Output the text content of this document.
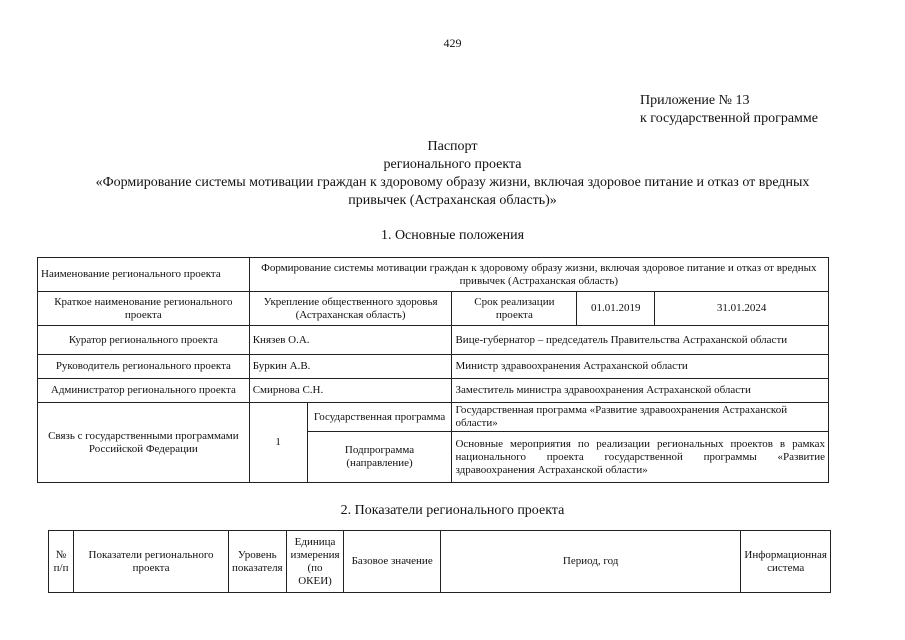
429
Приложение № 13
к государственной программе
Паспорт
регионального проекта
«Формирование системы мотивации граждан к здоровому образу жизни, включая здоровое питание и отказ от вредных
привычек (Астраханская область)»
1. Основные положения
Наименование регионального проекта	Формирование системы мотивации граждан к здоровому образу жизни, включая здоровое питание и отказ от вредных привычек (Астраханская область)				
Краткое наименование регионального проекта	Укрепление общественного здоровья (Астраханская область)		Срок реализации проекта	01.01.2019	31.01.2024
Куратор регионального проекта	Князев О.А.		Вице-губернатор – председатель Правительства Астраханской области		
Руководитель регионального проекта	Буркин А.В.		Министр здравоохранения Астраханской области		
Администратор регионального проекта	Смирнова С.Н.		Заместитель министра здравоохранения Астраханской области		
Связь с государственными программами Российской Федерации	1	Государственная программа	Государственная программа «Развитие здравоохранения Астраханской области»		
		Подпрограмма (направление)	Основные мероприятия по реализации региональных проектов в рамках национального проекта государственной программы «Развитие здравоохранения Астраханской области»		
2. Показатели регионального проекта
№ п/п	Показатели регионального проекта	Уровень показателя	Единица измерения (по ОКЕИ)	Базовое значение	Период, год	Информационная система
